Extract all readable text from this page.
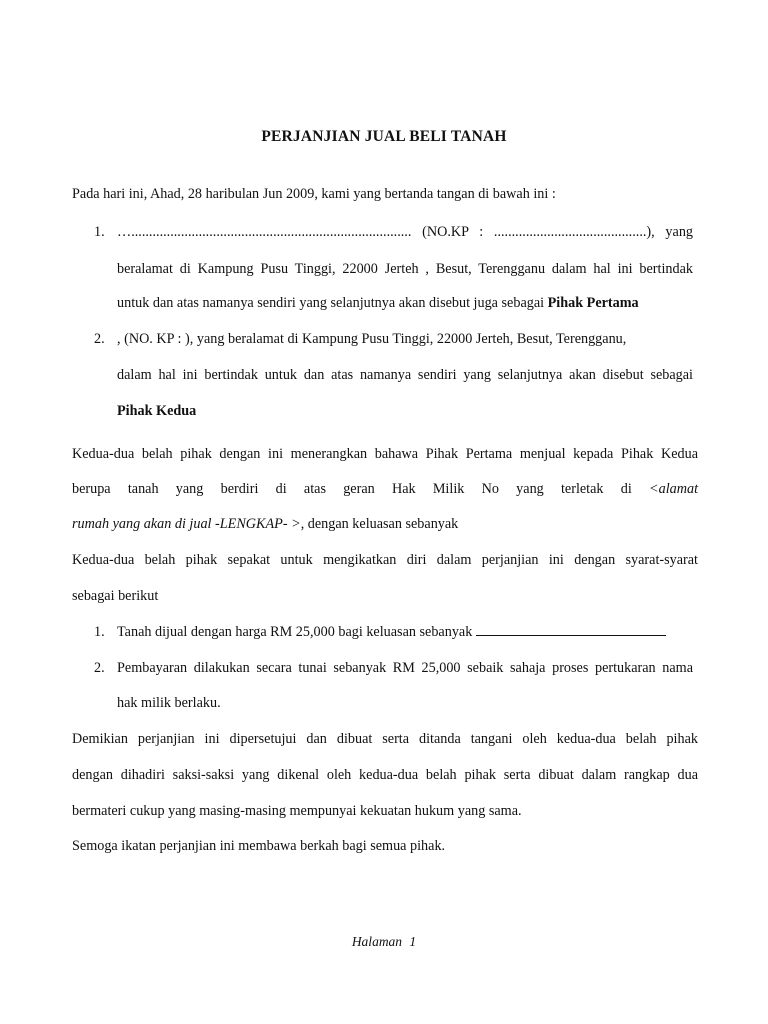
PERJANJIAN JUAL BELI TANAH
Pada hari ini, Ahad, 28 haribulan Jun 2009, kami yang bertanda tangan di bawah ini :
1. …............................................................................... (NO.KP : ...........................................), yang
beralamat di Kampung Pusu Tinggi, 22000 Jerteh , Besut, Terengganu dalam hal ini bertindak
untuk dan atas namanya sendiri yang selanjutnya akan disebut juga sebagai Pihak Pertama
2. , (NO. KP : ), yang beralamat di Kampung Pusu Tinggi, 22000 Jerteh, Besut, Terengganu,
dalam hal ini bertindak untuk dan atas namanya sendiri yang selanjutnya akan disebut sebagai
Pihak Kedua
Kedua-dua belah pihak dengan ini menerangkan bahawa Pihak Pertama menjual kepada Pihak Kedua
berupa tanah yang berdiri di atas geran Hak Milik No yang terletak di <alamat
rumah yang akan di jual -LENGKAP- >, dengan keluasan sebanyak
Kedua-dua belah pihak sepakat untuk mengikatkan diri dalam perjanjian ini dengan syarat-syarat
sebagai berikut
1. Tanah dijual dengan harga RM 25,000 bagi keluasan sebanyak
2. Pembayaran dilakukan secara tunai sebanyak RM 25,000 sebaik sahaja proses pertukaran nama
hak milik berlaku.
Demikian perjanjian ini dipersetujui dan dibuat serta ditanda tangani oleh kedua-dua belah pihak
dengan dihadiri saksi-saksi yang dikenal oleh kedua-dua belah pihak serta dibuat dalam rangkap dua
bermateri cukup yang masing-masing mempunyai kekuatan hukum yang sama.
Semoga ikatan perjanjian ini membawa berkah bagi semua pihak.
Halaman 1
